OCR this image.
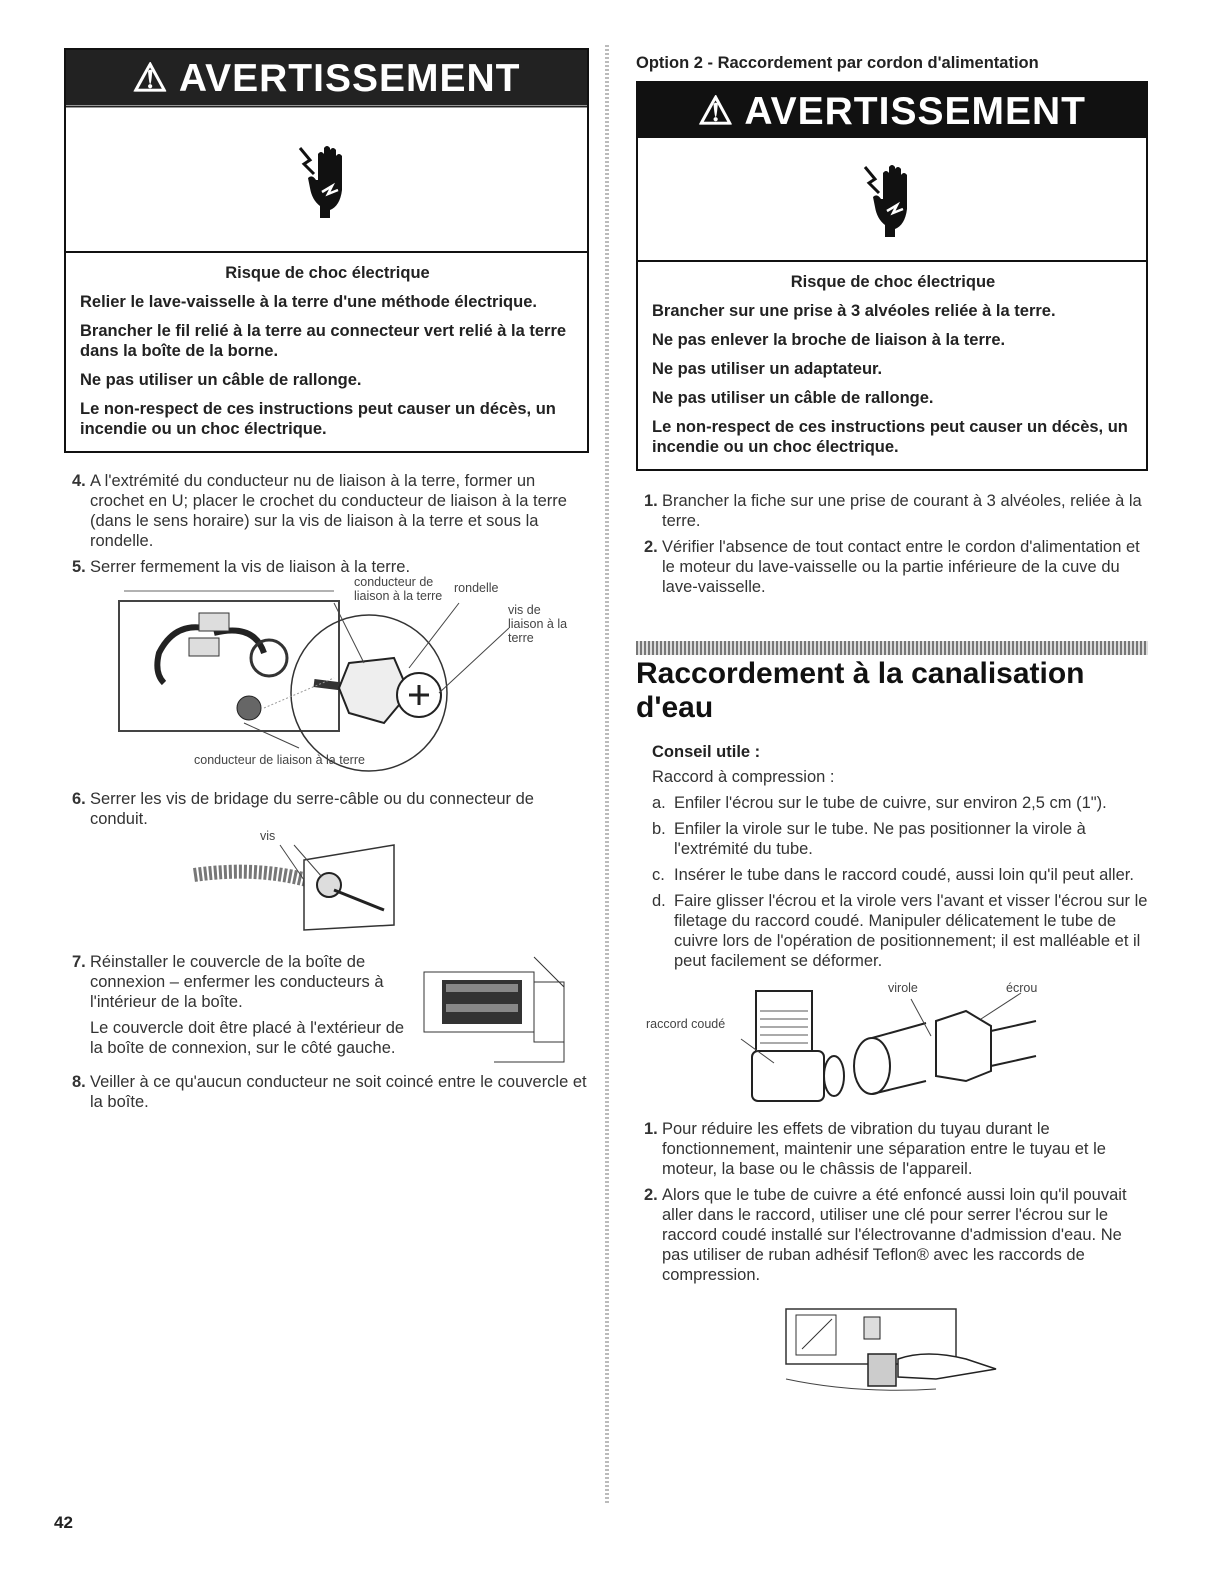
⚠ AVERTISSEMENT
Risque de choc électrique

Relier le lave-vaisselle à la terre d'une méthode électrique.

Brancher le fil relié à la terre au connecteur vert relié à la terre dans la boîte de la borne.

Ne pas utiliser un câble de rallonge.

Le non-respect de ces instructions peut causer un décès, un incendie ou un choc électrique.

4. A l'extrémité du conducteur nu de liaison à la terre, former un crochet en U; placer le crochet du conducteur de liaison à la terre (dans le sens horaire) sur la vis de liaison à la terre et sous la rondelle.
5. Serrer fermement la vis de liaison à la terre.
conducteur de liaison à la terre
rondelle
vis de liaison à la terre
conducteur de liaison à la terre
6. Serrer les vis de bridage du serre-câble ou du connecteur de conduit.
vis
7. Réinstaller le couvercle de la boîte de connexion – enfermer les conducteurs à l'intérieur de la boîte.
Le couvercle doit être placé à l'extérieur de la boîte de connexion, sur le côté gauche.
8. Veiller à ce qu'aucun conducteur ne soit coincé entre le couvercle et la boîte.
Option 2 - Raccordement par cordon d'alimentation
⚠ AVERTISSEMENT
Risque de choc électrique

Brancher sur une prise à 3 alvéoles reliée à la terre.

Ne pas enlever la broche de liaison à la terre.

Ne pas utiliser un adaptateur.

Ne pas utiliser un câble de rallonge.

Le non-respect de ces instructions peut causer un décès, un incendie ou un choc électrique.

1. Brancher la fiche sur une prise de courant à 3 alvéoles, reliée à la terre.
2. Vérifier l'absence de tout contact entre le cordon d'alimentation et le moteur du lave-vaisselle ou la partie inférieure de la cuve du lave-vaisselle.
Raccordement à la canalisation d'eau
Conseil utile :
Raccord à compression :
a. Enfiler l'écrou sur le tube de cuivre, sur environ 2,5 cm (1").
b. Enfiler la virole sur le tube. Ne pas positionner la virole à l'extrémité du tube.
c. Insérer le tube dans le raccord coudé, aussi loin qu'il peut aller.
d. Faire glisser l'écrou et la virole vers l'avant et visser l'écrou sur le filetage du raccord coudé. Manipuler délicatement le tube de cuivre lors de l'opération de positionnement; il est malléable et il peut facilement se déformer.
raccord coudé
virole	écrou
1. Pour réduire les effets de vibration du tuyau durant le fonctionnement, maintenir une séparation entre le tuyau et le moteur, la base ou le châssis de l'appareil.
2. Alors que le tube de cuivre a été enfoncé aussi loin qu'il pouvait aller dans le raccord, utiliser une clé pour serrer l'écrou sur le raccord coudé installé sur l'électrovanne d'admission d'eau. Ne pas utiliser de ruban adhésif Teflon® avec les raccords de compression.
42
